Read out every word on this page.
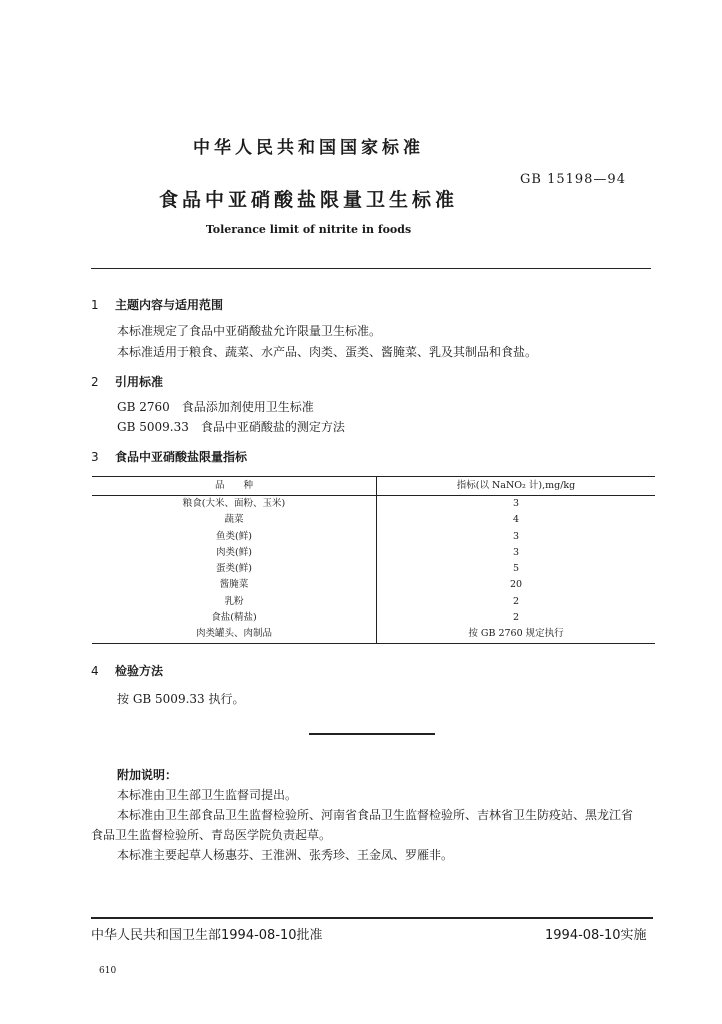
中华人民共和国国家标准
GB 15198—94
食品中亚硝酸盐限量卫生标准
Tolerance limit of nitrite in foods
1 主题内容与适用范围
本标准规定了食品中亚硝酸盐允许限量卫生标准。
本标准适用于粮食、蔬菜、水产品、肉类、蛋类、酱腌菜、乳及其制品和食盐。
2 引用标准
GB 2760　食品添加剂使用卫生标准
GB 5009.33　食品中亚硝酸盐的测定方法
3 食品中亚硝酸盐限量指标
品　　种	指标(以 NaNO₂ 计),mg/kg
粮食(大米、面粉、玉米)	3
蔬菜	4
鱼类(鲜)	3
肉类(鲜)	3
蛋类(鲜)	5
酱腌菜	20
乳粉	2
食盐(精盐)	2
肉类罐头、肉制品	按 GB 2760 规定执行
4 检验方法
按 GB 5009.33 执行。
附加说明：
本标准由卫生部卫生监督司提出。
本标准由卫生部食品卫生监督检验所、河南省食品卫生监督检验所、吉林省卫生防疫站、黑龙江省
食品卫生监督检验所、青岛医学院负责起草。
本标准主要起草人杨惠芬、王淮洲、张秀珍、王金凤、罗雁非。
中华人民共和国卫生部1994-08-10批准	1994-08-10实施
610
